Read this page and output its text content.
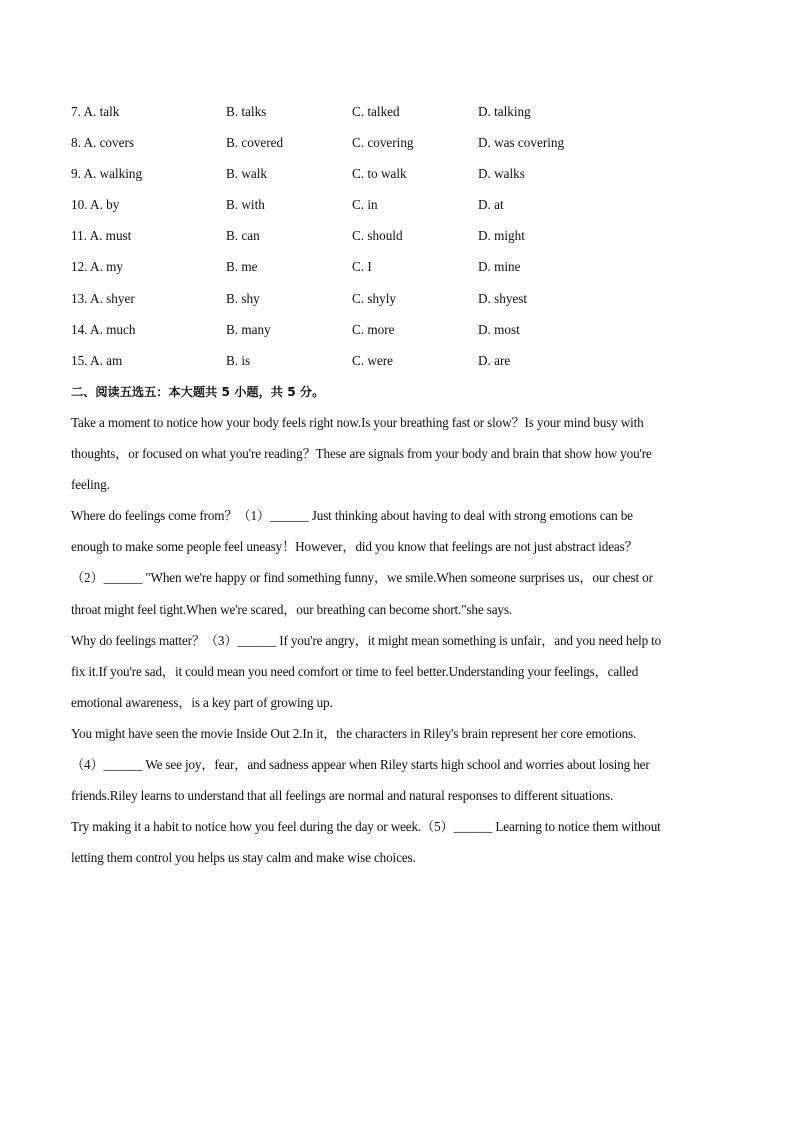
7. A. talk	B. talks	C. talked	D. talking
8. A. covers	B. covered	C. covering	D. was covering
9. A. walking	B. walk	C. to walk	D. walks
10. A. by	B. with	C. in	D. at
11. A. must	B. can	C. should	D. might
12. A. my	B. me	C. I	D. mine
13. A. shyer	B. shy	C. shyly	D. shyest
14. A. much	B. many	C. more	D. most
15. A. am	B. is	C. were	D. are
二、阅读五选五：本大题共 5 小题，共 5 分。
Take a moment to notice how your body feels right now.Is your breathing fast or slow？Is your mind busy with
thoughts，or focused on what you're reading？These are signals from your body and brain that show how you're
feeling.
Where do feelings come from？（1）______ Just thinking about having to deal with strong emotions can be
enough to make some people feel uneasy！However，did you know that feelings are not just abstract ideas？
（2）______ "When we're happy or find something funny，we smile.When someone surprises us，our chest or
throat might feel tight.When we're scared，our breathing can become short."she says.
Why do feelings matter？（3）______ If you're angry，it might mean something is unfair，and you need help to
fix it.If you're sad，it could mean you need comfort or time to feel better.Understanding your feelings，called
emotional awareness，is a key part of growing up.
You might have seen the movie Inside Out 2.In it，the characters in Riley's brain represent her core emotions.
（4）______ We see joy，fear，and sadness appear when Riley starts high school and worries about losing her
friends.Riley learns to understand that all feelings are normal and natural responses to different situations.
Try making it a habit to notice how you feel during the day or week.（5）______ Learning to notice them without
letting them control you helps us stay calm and make wise choices.
